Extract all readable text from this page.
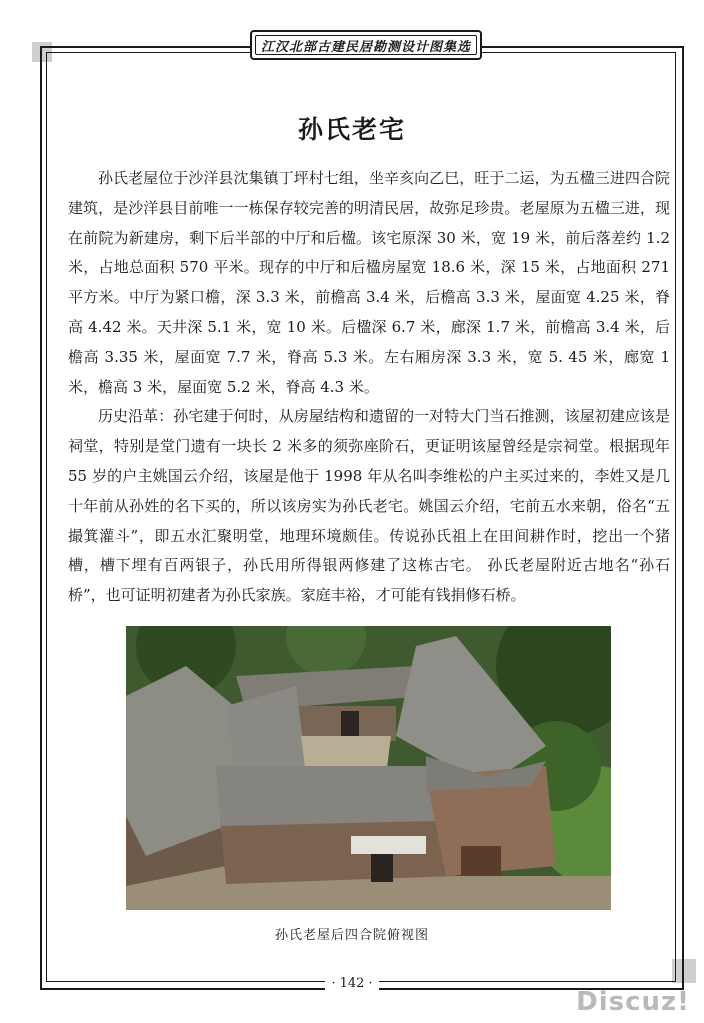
江汉北部古建民居勘测设计图集选
孙氏老宅

孙氏老屋位于沙洋县沈集镇丁坪村七组，坐辛亥向乙巳，旺于二运，为五楹三进四合院建筑，是沙洋县目前唯一一栋保存较完善的明清民居，故弥足珍贵。老屋原为五楹三进，现在前院为新建房，剩下后半部的中厅和后楹。该宅原深 30 米，宽 19 米，前后落差约 1.2 米，占地总面积 570 平米。现存的中厅和后楹房屋宽 18.6 米，深 15 米，占地面积 271 平方米。中厅为紧口檐，深 3.3 米，前檐高 3.4 米，后檐高 3.3 米，屋面宽 4.25 米，脊高 4.42 米。天井深 5.1 米，宽 10 米。后楹深 6.7 米，廊深 1.7 米，前檐高 3.4 米，后檐高 3.35 米，屋面宽 7.7 米，脊高 5.3 米。左右厢房深 3.3 米，宽 5. 45 米，廊宽 1 米，檐高 3 米，屋面宽 5.2 米，脊高 4.3 米。

历史沿革：孙宅建于何时，从房屋结构和遗留的一对特大门当石推测，该屋初建应该是祠堂，特别是堂门遗有一块长 2 米多的须弥座阶石，更证明该屋曾经是宗祠堂。根据现年 55 岁的户主姚国云介绍，该屋是他于 1998 年从名叫李维松的户主买过来的，李姓又是几十年前从孙姓的名下买的，所以该房实为孙氏老宅。姚国云介绍，宅前五水来朝，俗名“五撮箕灌斗”，即五水汇聚明堂，地理环境颇佳。传说孙氏祖上在田间耕作时，挖出一个猪槽，槽下埋有百两银子，孙氏用所得银两修建了这栋古宅。 孙氏老屋附近古地名“孙石桥”，也可证明初建者为孙氏家族。家庭丰裕，才可能有钱捐修石桥。

孙氏老屋后四合院俯视图
· 142 ·
Discuz!
